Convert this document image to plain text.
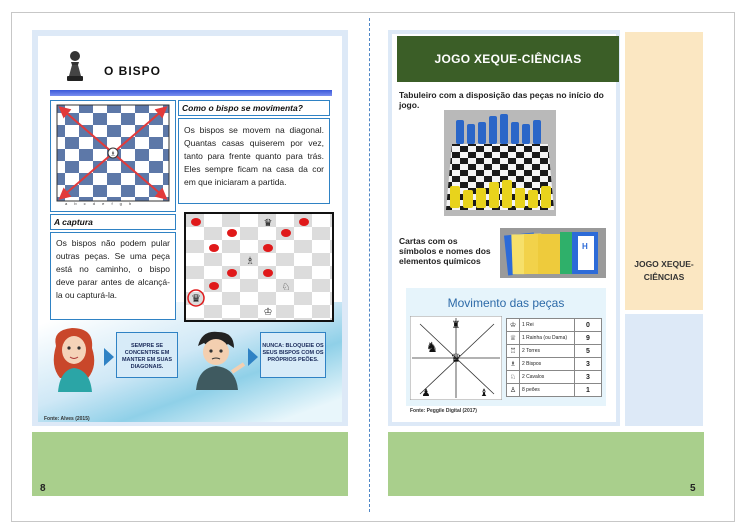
O BISPO
♗
a b c d e f g h
Como o bispo se movimenta?
Os bispos se movem na diagonal. Quantas casas quiserem por vez, tanto para frente quanto para trás. Eles sempre ficam na casa da cor em que iniciaram a partida.
A captura
Os bispos não podem pular outras peças. Se uma peça está no caminho, o bispo deve parar antes de alcançá-la ou capturá-la.	♛
♛
♗
♘
♔
SEMPRE SE CONCENTRE EM MANTER EM SUAS DIAGONAIS.
NUNCA: BLOQUEIE OS SEUS BISPOS COM OS PRÓPRIOS PEÕES.
Fonte: Alves (2015)
8
JOGO XEQUE-CIÊNCIAS
Tabuleiro com a disposição das peças no início do jogo.
Cartas com os símbolos e nomes dos elementos químicos
H
Movimento das peças
♜
♞
♛
♟	♝
♔	1 Rei	0
♕	1 Rainha (ou Dama)	9
♖	2 Torres	5
♗	2 Bispos	3
♘	2 Cavalos	3
♙	8 peões	1
Fonte: Peggile Digital (2017)
JOGO XEQUE-CIÊNCIAS
5
